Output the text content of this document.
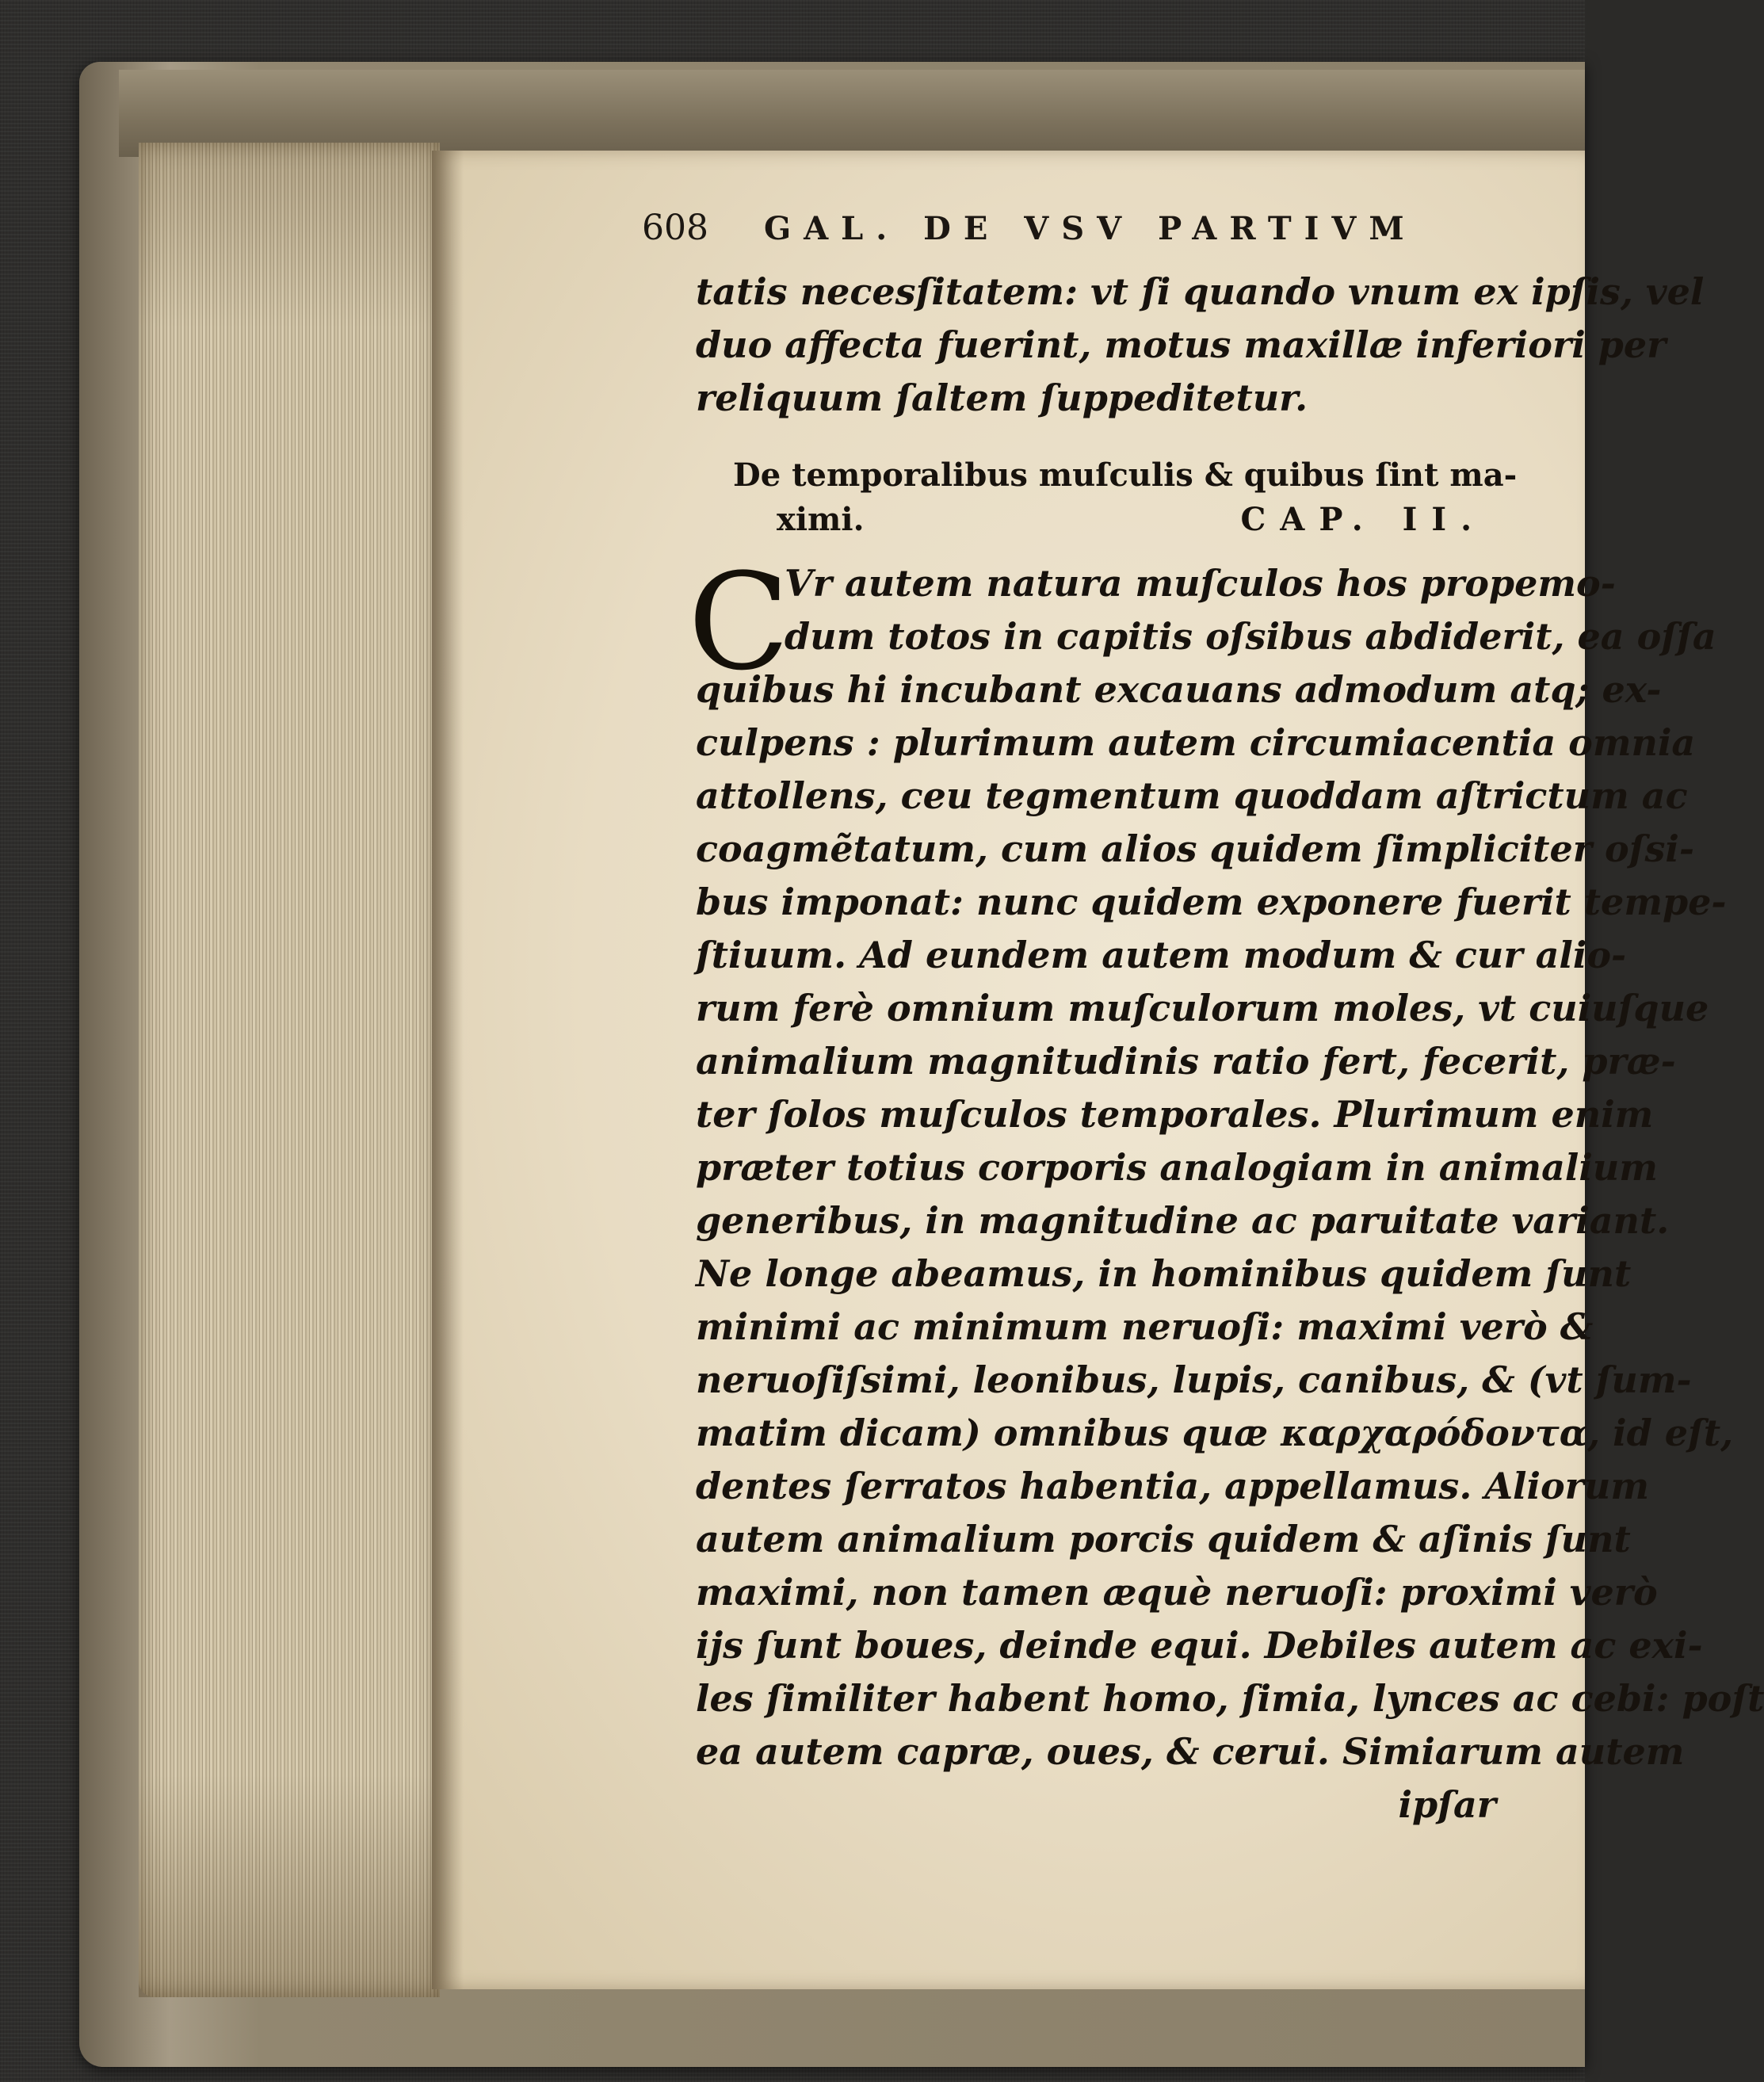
608 GAL. DE VSV PARTIVM
tatis necesſitatem: vt ſi quando vnum ex ipſis, vel
duo affecta fuerint, motus maxillæ inferiori per
reliquum ſaltem ſuppeditetur.
De temporalibus muſculis & quibus ſint ma-
ximi.	CAP. II.
C
Vr autem natura muſculos hos propemo-
dum totos in capitis oſsibus abdiderit, ea oſſa
quibus hi incubant excauans admodum atq; ex-
culpens : plurimum autem circumiacentia omnia
attollens, ceu tegmentum quoddam aſtrictum ac
coagmẽtatum, cum alios quidem ſimpliciter oſsi-
bus imponat: nunc quidem exponere fuerit tempe-
ſtiuum. Ad eundem autem modum & cur alio-
rum ferè omnium muſculorum moles, vt cuiuſque
animalium magnitudinis ratio fert, fecerit, præ-
ter ſolos muſculos temporales. Plurimum enim
præter totius corporis analogiam in animalium
generibus, in magnitudine ac paruitate variant.
Ne longe abeamus, in hominibus quidem ſunt
minimi ac minimum neruoſi: maximi verò &
neruoſiſsimi, leonibus, lupis, canibus, & (vt ſum-
matim dicam) omnibus quæ καρχαρόδοντα, id eſt,
dentes ſerratos habentia, appellamus. Aliorum
autem animalium porcis quidem & aſinis ſunt
maximi, non tamen æquè neruoſi: proximi verò
ijs ſunt boues, deinde equi. Debiles autem ac exi-
les ſimiliter habent homo, ſimia, lynces ac cebi: poſt
ea autem capræ, oues, & cerui. Simiarum autem
ipſar
